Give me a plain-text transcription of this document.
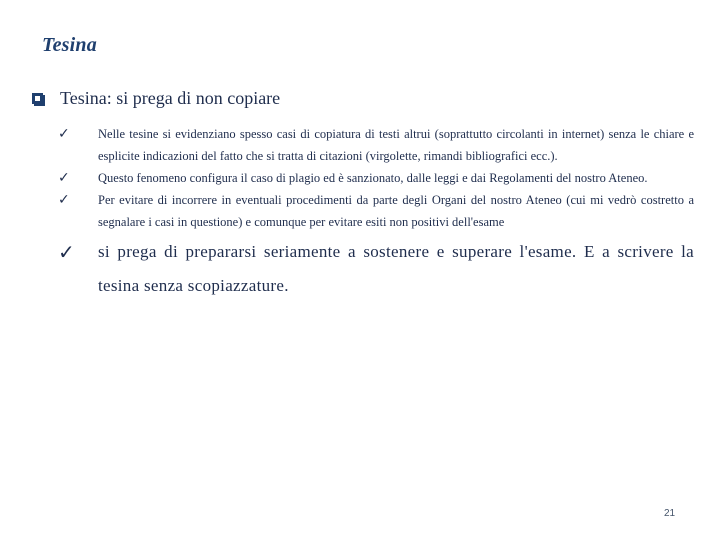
Tesina
Tesina: si prega di non copiare
✓	Nelle tesine si evidenziano spesso casi di copiatura di testi altrui (soprattutto circolanti in internet) senza le chiare e esplicite indicazioni del fatto che si tratta di citazioni (virgolette, rimandi bibliografici ecc.).
✓	Questo fenomeno configura il caso di plagio ed è sanzionato, dalle leggi e dai Regolamenti del nostro Ateneo.
✓	Per evitare di incorrere in eventuali procedimenti da parte degli Organi del nostro Ateneo (cui mi vedrò costretto a segnalare i casi in questione) e comunque per evitare esiti non positivi dell'esame
✓	si prega di prepararsi seriamente a sostenere e superare l'esame. E a scrivere la tesina senza scopiazzature.
21
